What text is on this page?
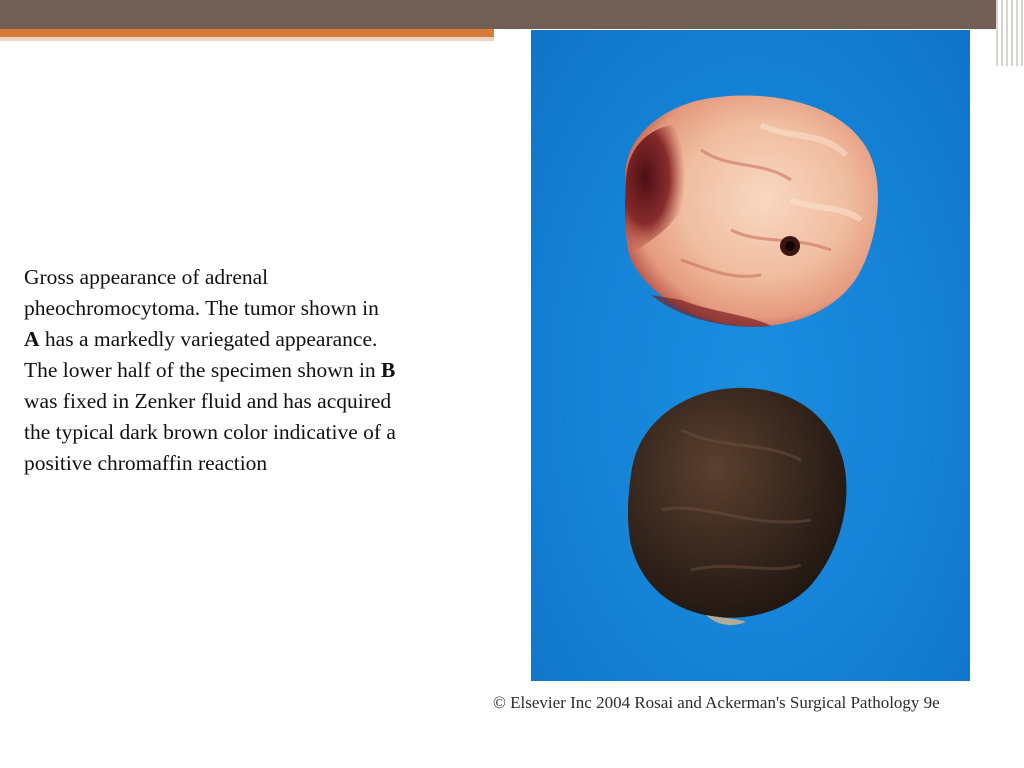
Gross appearance of adrenal
pheochromocytoma. The tumor shown in
A has a markedly variegated appearance.
The lower half of the specimen shown in B
was fixed in Zenker fluid and has acquired
the typical dark brown color indicative of a
positive chromaffin reaction
© Elsevier Inc 2004 Rosai and Ackerman's Surgical Pathology 9e
